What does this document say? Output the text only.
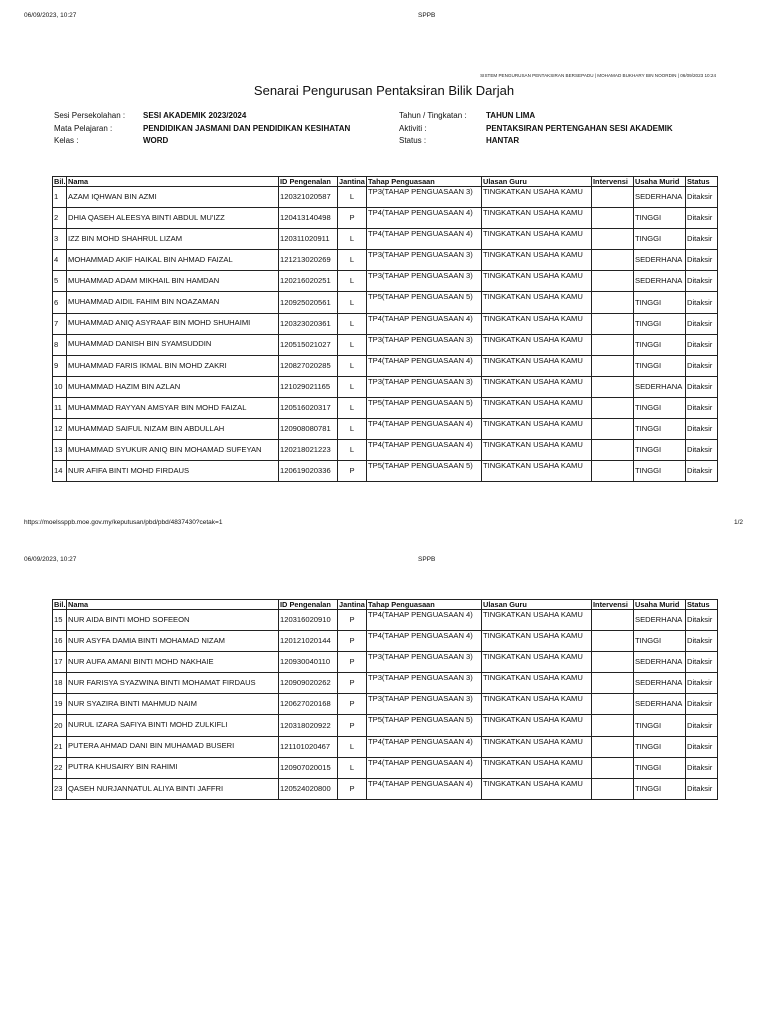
06/09/2023, 10:27	SPPB
SISTEM PENGURUSAN PENTAKSIRAN BERSEPADU | MOHAMAD BUKHARY BIN NOORDIN | 06/09/2023 10:24
Senarai Pengurusan Pentaksiran Bilik Darjah
Sesi Persekolahan : SESI AKADEMIK 2023/2024
Mata Pelajaran :	PENDIDIKAN JASMANI DAN PENDIDIKAN KESIHATAN
Kelas :	WORD
Tahun / Tingkatan : TAHUN LIMA
Aktiviti :	PENTAKSIRAN PERTENGAHAN SESI AKADEMIK
Status :	HANTAR
Bil.	Nama	ID Pengenalan	Jantina	Tahap Penguasaan	Ulasan Guru	Intervensi	Usaha Murid	Status
1	AZAM IQHWAN BIN AZMI	120321020587	L	TP3(TAHAP PENGUASAAN 3)	TINGKATKAN USAHA KAMU		SEDERHANA	Ditaksir
2	DHIA QASEH ALEESYA BINTI ABDUL MU'IZZ	120413140498	P	TP4(TAHAP PENGUASAAN 4)	TINGKATKAN USAHA KAMU		TINGGI	Ditaksir
3	IZZ BIN MOHD SHAHRUL LIZAM	120311020911	L	TP4(TAHAP PENGUASAAN 4)	TINGKATKAN USAHA KAMU		TINGGI	Ditaksir
4	MOHAMMAD AKIF HAIKAL BIN AHMAD FAIZAL	121213020269	L	TP3(TAHAP PENGUASAAN 3)	TINGKATKAN USAHA KAMU		SEDERHANA	Ditaksir
5	MUHAMMAD ADAM MIKHAIL BIN HAMDAN	120216020251	L	TP3(TAHAP PENGUASAAN 3)	TINGKATKAN USAHA KAMU		SEDERHANA	Ditaksir
6	MUHAMMAD AIDIL FAHIM BIN NOAZAMAN	120925020561	L	TP5(TAHAP PENGUASAAN 5)	TINGKATKAN USAHA KAMU		TINGGI	Ditaksir
7	MUHAMMAD ANIQ ASYRAAF BIN MOHD SHUHAIMI	120323020361	L	TP4(TAHAP PENGUASAAN 4)	TINGKATKAN USAHA KAMU		TINGGI	Ditaksir
8	MUHAMMAD DANISH BIN SYAMSUDDIN	120515021027	L	TP3(TAHAP PENGUASAAN 3)	TINGKATKAN USAHA KAMU		TINGGI	Ditaksir
9	MUHAMMAD FARIS IKMAL BIN MOHD ZAKRI	120827020285	L	TP4(TAHAP PENGUASAAN 4)	TINGKATKAN USAHA KAMU		TINGGI	Ditaksir
10	MUHAMMAD HAZIM BIN AZLAN	121029021165	L	TP3(TAHAP PENGUASAAN 3)	TINGKATKAN USAHA KAMU		SEDERHANA	Ditaksir
11	MUHAMMAD RAYYAN AMSYAR BIN MOHD FAIZAL	120516020317	L	TP5(TAHAP PENGUASAAN 5)	TINGKATKAN USAHA KAMU		TINGGI	Ditaksir
12	MUHAMMAD SAIFUL NIZAM BIN ABDULLAH	120908080781	L	TP4(TAHAP PENGUASAAN 4)	TINGKATKAN USAHA KAMU		TINGGI	Ditaksir
13	MUHAMMAD SYUKUR ANIQ BIN MOHAMAD SUFEYAN	120218021223	L	TP4(TAHAP PENGUASAAN 4)	TINGKATKAN USAHA KAMU		TINGGI	Ditaksir
14	NUR AFIFA BINTI MOHD FIRDAUS	120619020336	P	TP5(TAHAP PENGUASAAN 5)	TINGKATKAN USAHA KAMU		TINGGI	Ditaksir
https://moelssppb.moe.gov.my/keputusan/pbd/pbd/4837430?cetak=1	1/2
06/09/2023, 10:27	SPPB
Bil.	Nama	ID Pengenalan	Jantina	Tahap Penguasaan	Ulasan Guru	Intervensi	Usaha Murid	Status
15	NUR AIDA BINTI MOHD SOFEEON	120316020910	P	TP4(TAHAP PENGUASAAN 4)	TINGKATKAN USAHA KAMU		SEDERHANA	Ditaksir
16	NUR ASYFA DAMIA BINTI MOHAMAD NIZAM	120121020144	P	TP4(TAHAP PENGUASAAN 4)	TINGKATKAN USAHA KAMU		TINGGI	Ditaksir
17	NUR AUFA AMANI BINTI MOHD NAKHAIE	120930040110	P	TP3(TAHAP PENGUASAAN 3)	TINGKATKAN USAHA KAMU		SEDERHANA	Ditaksir
18	NUR FARISYA SYAZWINA BINTI MOHAMAT FIRDAUS	120909020262	P	TP3(TAHAP PENGUASAAN 3)	TINGKATKAN USAHA KAMU		SEDERHANA	Ditaksir
19	NUR SYAZIRA BINTI MAHMUD NAIM	120627020168	P	TP3(TAHAP PENGUASAAN 3)	TINGKATKAN USAHA KAMU		SEDERHANA	Ditaksir
20	NURUL IZARA SAFIYA BINTI MOHD ZULKIFLI	120318020922	P	TP5(TAHAP PENGUASAAN 5)	TINGKATKAN USAHA KAMU		TINGGI	Ditaksir
21	PUTERA AHMAD DANI BIN MUHAMAD BUSERI	121101020467	L	TP4(TAHAP PENGUASAAN 4)	TINGKATKAN USAHA KAMU		TINGGI	Ditaksir
22	PUTRA KHUSAIRY BIN RAHIMI	120907020015	L	TP4(TAHAP PENGUASAAN 4)	TINGKATKAN USAHA KAMU		TINGGI	Ditaksir
23	QASEH NURJANNATUL ALIYA BINTI JAFFRI	120524020800	P	TP4(TAHAP PENGUASAAN 4)	TINGKATKAN USAHA KAMU		TINGGI	Ditaksir
